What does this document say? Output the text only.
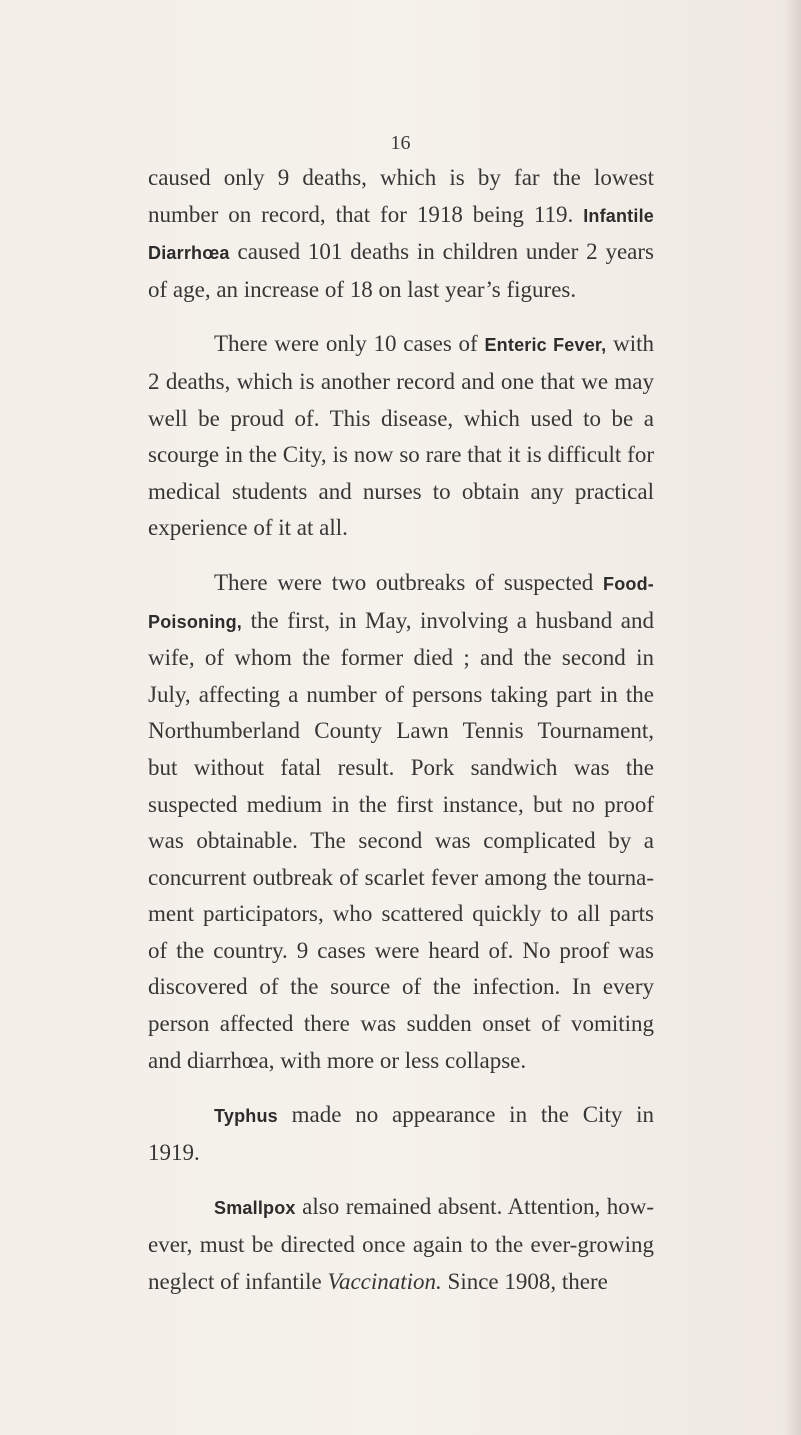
16

caused only 9 deaths, which is by far the lowest number on record, that for 1918 being 119. Infantile Diarrhœa caused 101 deaths in children under 2 years of age, an increase of 18 on last year’s figures.

There were only 10 cases of Enteric Fever, with 2 deaths, which is another record and one that we may well be proud of. This disease, which used to be a scourge in the City, is now so rare that it is difficult for medical students and nurses to obtain any practical experience of it at all.

There were two outbreaks of suspected Food-Poisoning, the first, in May, involving a husband and wife, of whom the former died ; and the second in July, affecting a number of persons taking part in the Northumberland County Lawn Tennis Tournament, but without fatal result. Pork sandwich was the suspected medium in the first instance, but no proof was obtainable. The second was complicated by a concurrent outbreak of scarlet fever among the tourna-ment participators, who scattered quickly to all parts of the country. 9 cases were heard of. No proof was discovered of the source of the infection. In every person affected there was sudden onset of vomiting and diarrhœa, with more or less collapse.

Typhus made no appearance in the City in 1919.

Smallpox also remained absent. Attention, how-ever, must be directed once again to the ever-growing neglect of infantile Vaccination. Since 1908, there
